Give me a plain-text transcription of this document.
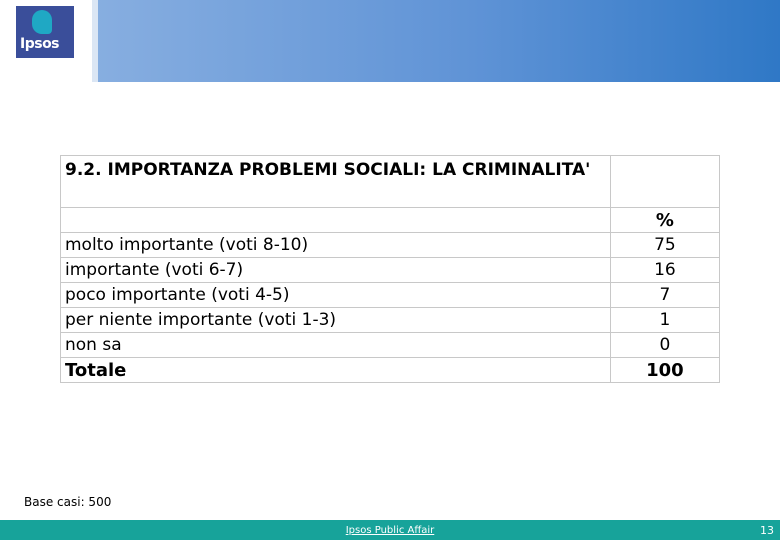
Ipsos
9.2. IMPORTANZA PROBLEMI SOCIALI: LA CRIMINALITA'	

	%
molto importante (voti 8-10)	75
importante (voti 6-7)	16
poco importante (voti 4-5)	7
per niente importante (voti 1-3)	1
non sa	0
Totale	100
Base casi: 500
Ipsos Public Affair	13
